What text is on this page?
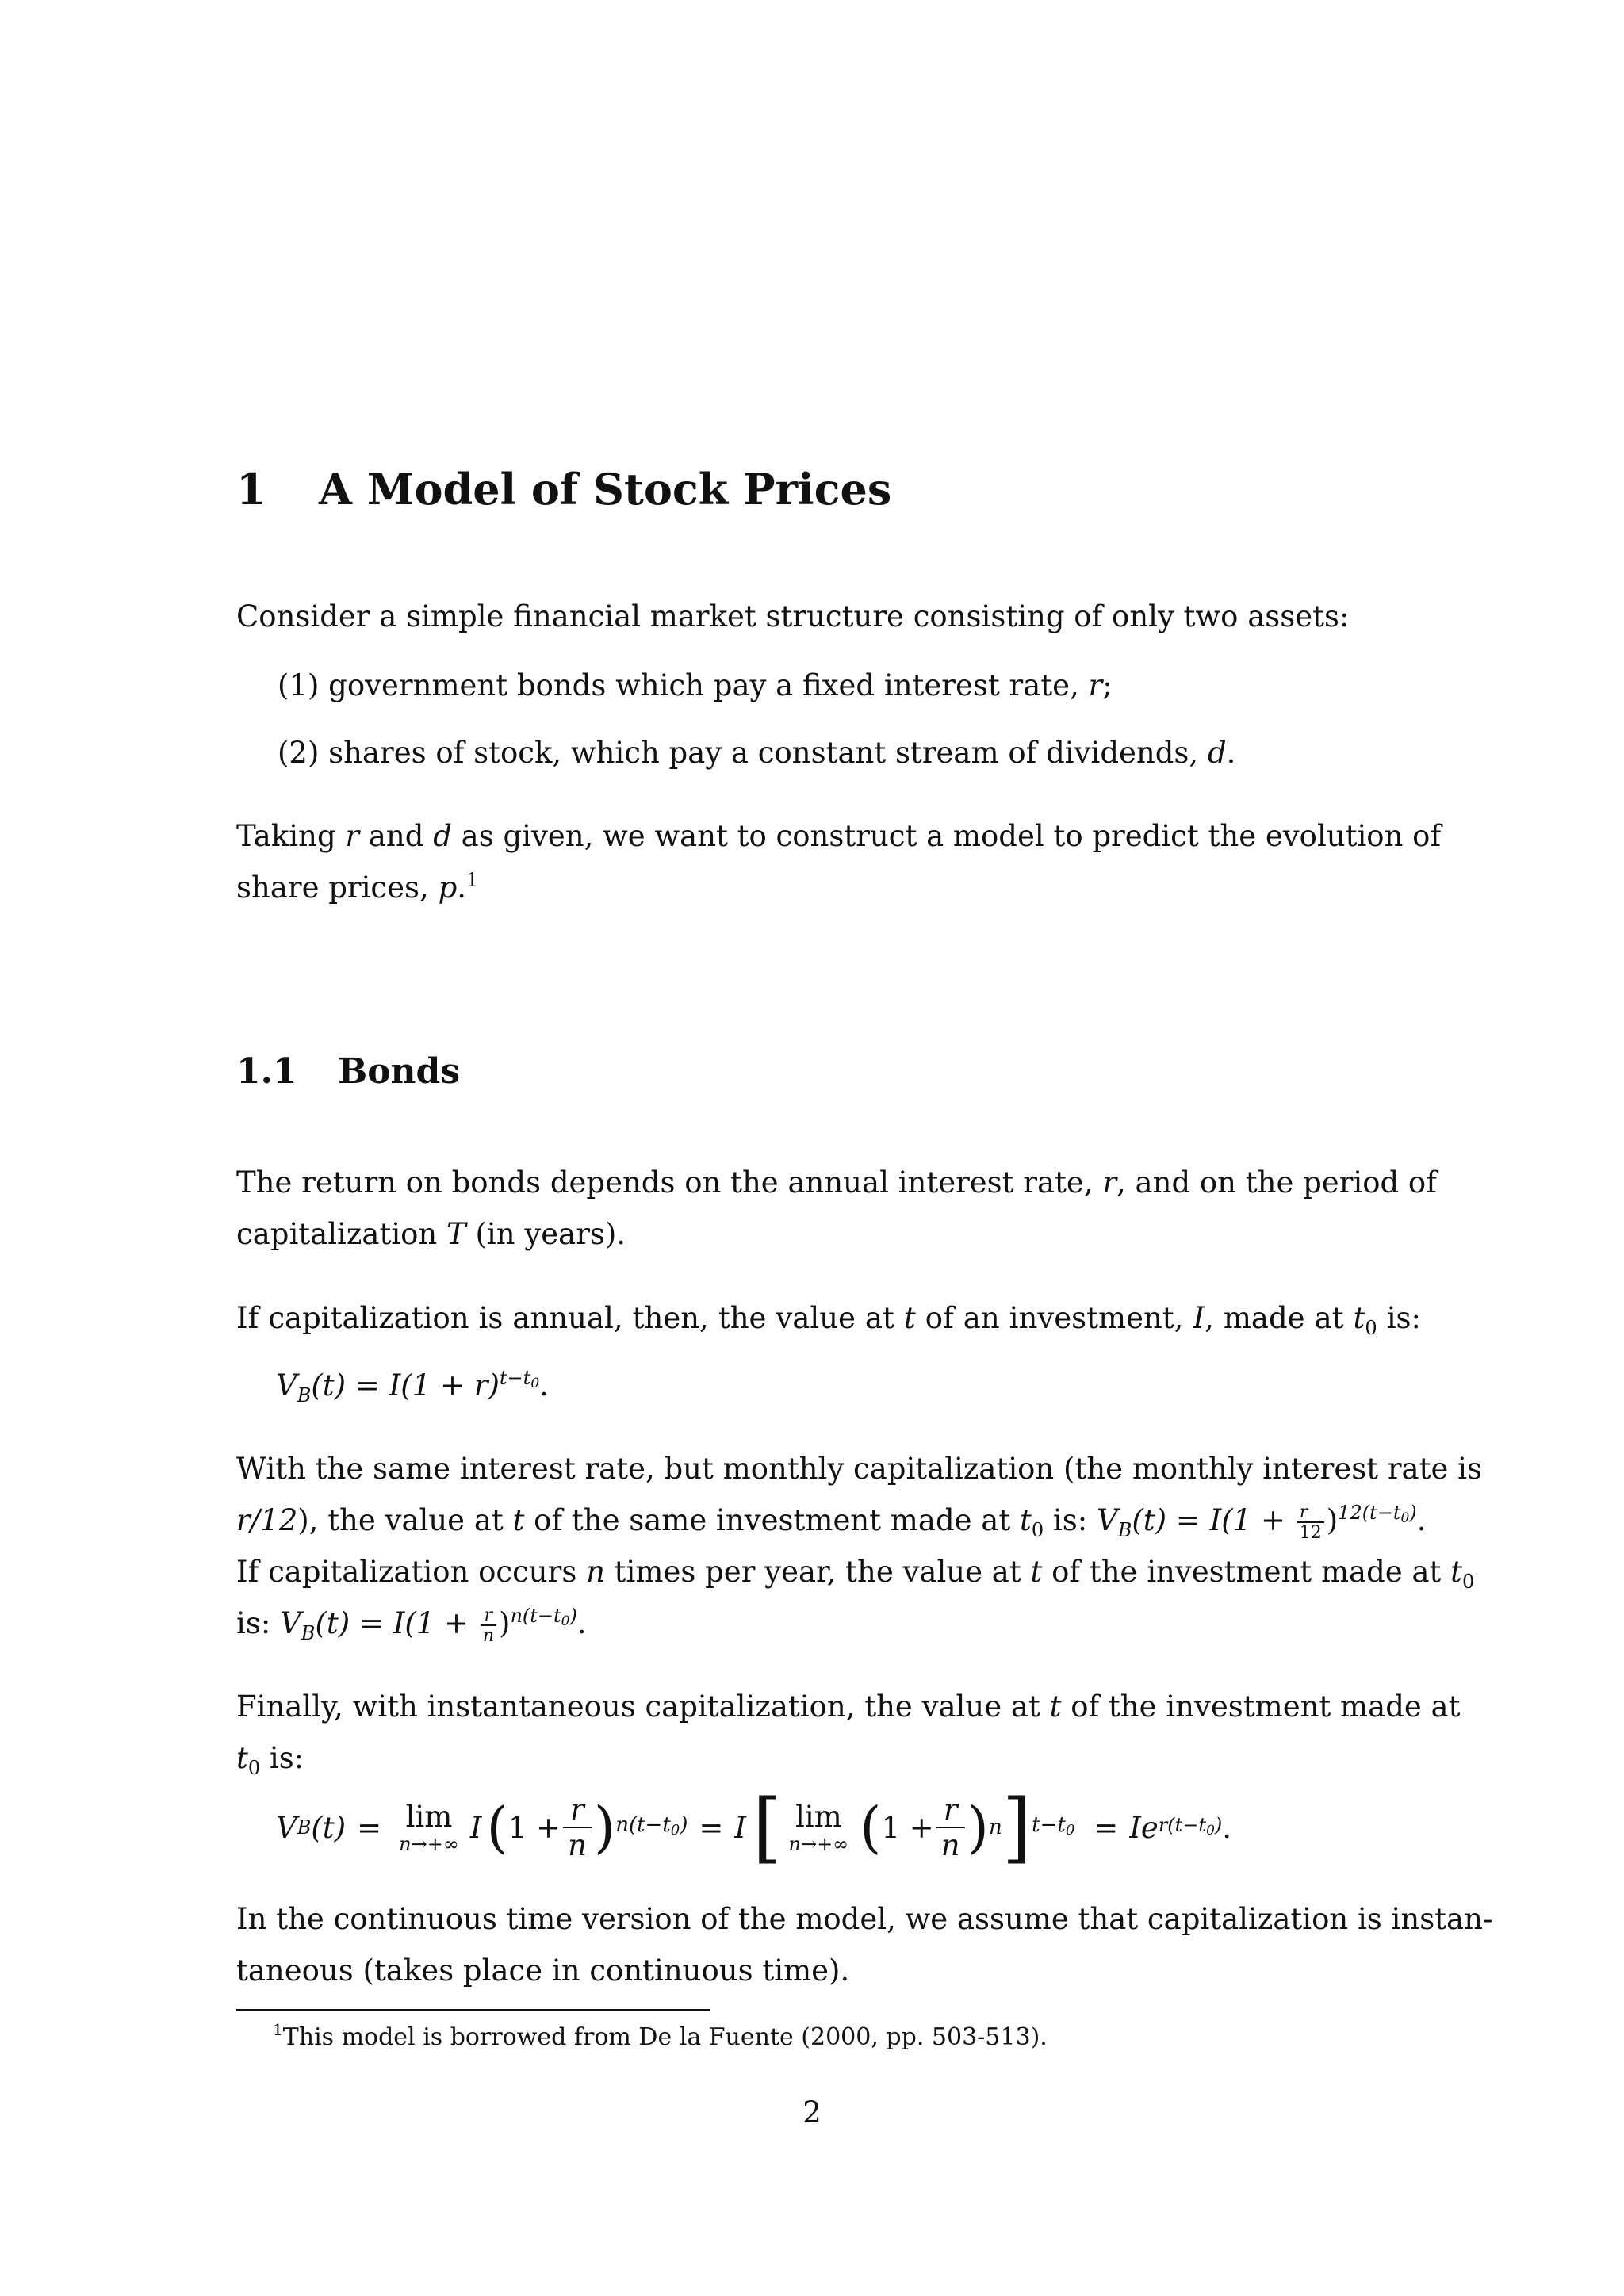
1 A Model of Stock Prices
Consider a simple financial market structure consisting of only two assets:
(1) government bonds which pay a fixed interest rate, r;
(2) shares of stock, which pay a constant stream of dividends, d.
Taking r and d as given, we want to construct a model to predict the evolution of
share prices, p.$^1$
1.1 Bonds
The return on bonds depends on the annual interest rate, r, and on the period of
capitalization T (in years).
If capitalization is annual, then, the value at t of an investment, I, made at $t_0$ is:
$V_B(t) = I(1 + r)^{t-t0}$.
With the same interest rate, but monthly capitalization (the monthly interest rate is
r/12), the value at t of the same investment made at $t_0$ is: $V_B(t) = I(1 + \frac{r}{12} )^{12(t-t0)}$.
If capitalization occurs n times per year, the value at t of the investment made at $t_0$
is: $V_B(t) = I(1 + \frac{r}{n} )^{n(t-t0)}$.
Finally, with instantaneous capitalization, the value at t of the investment made at
$t_0$ is:
V B (t) = lim
n→+∞ I ( $1 + \frac{r}{n}$ ) n(t−t0) = I [ lim
n→+∞ ( $1 + \frac{r}{n}$ ) n ] t−t0 = Ie r(t−t0) .
In the continuous time version of the model, we assume that capitalization is instan-
taneous (takes place in continuous time).
$^1$This model is borrowed from De la Fuente (2000, pp. 503-513).
2
